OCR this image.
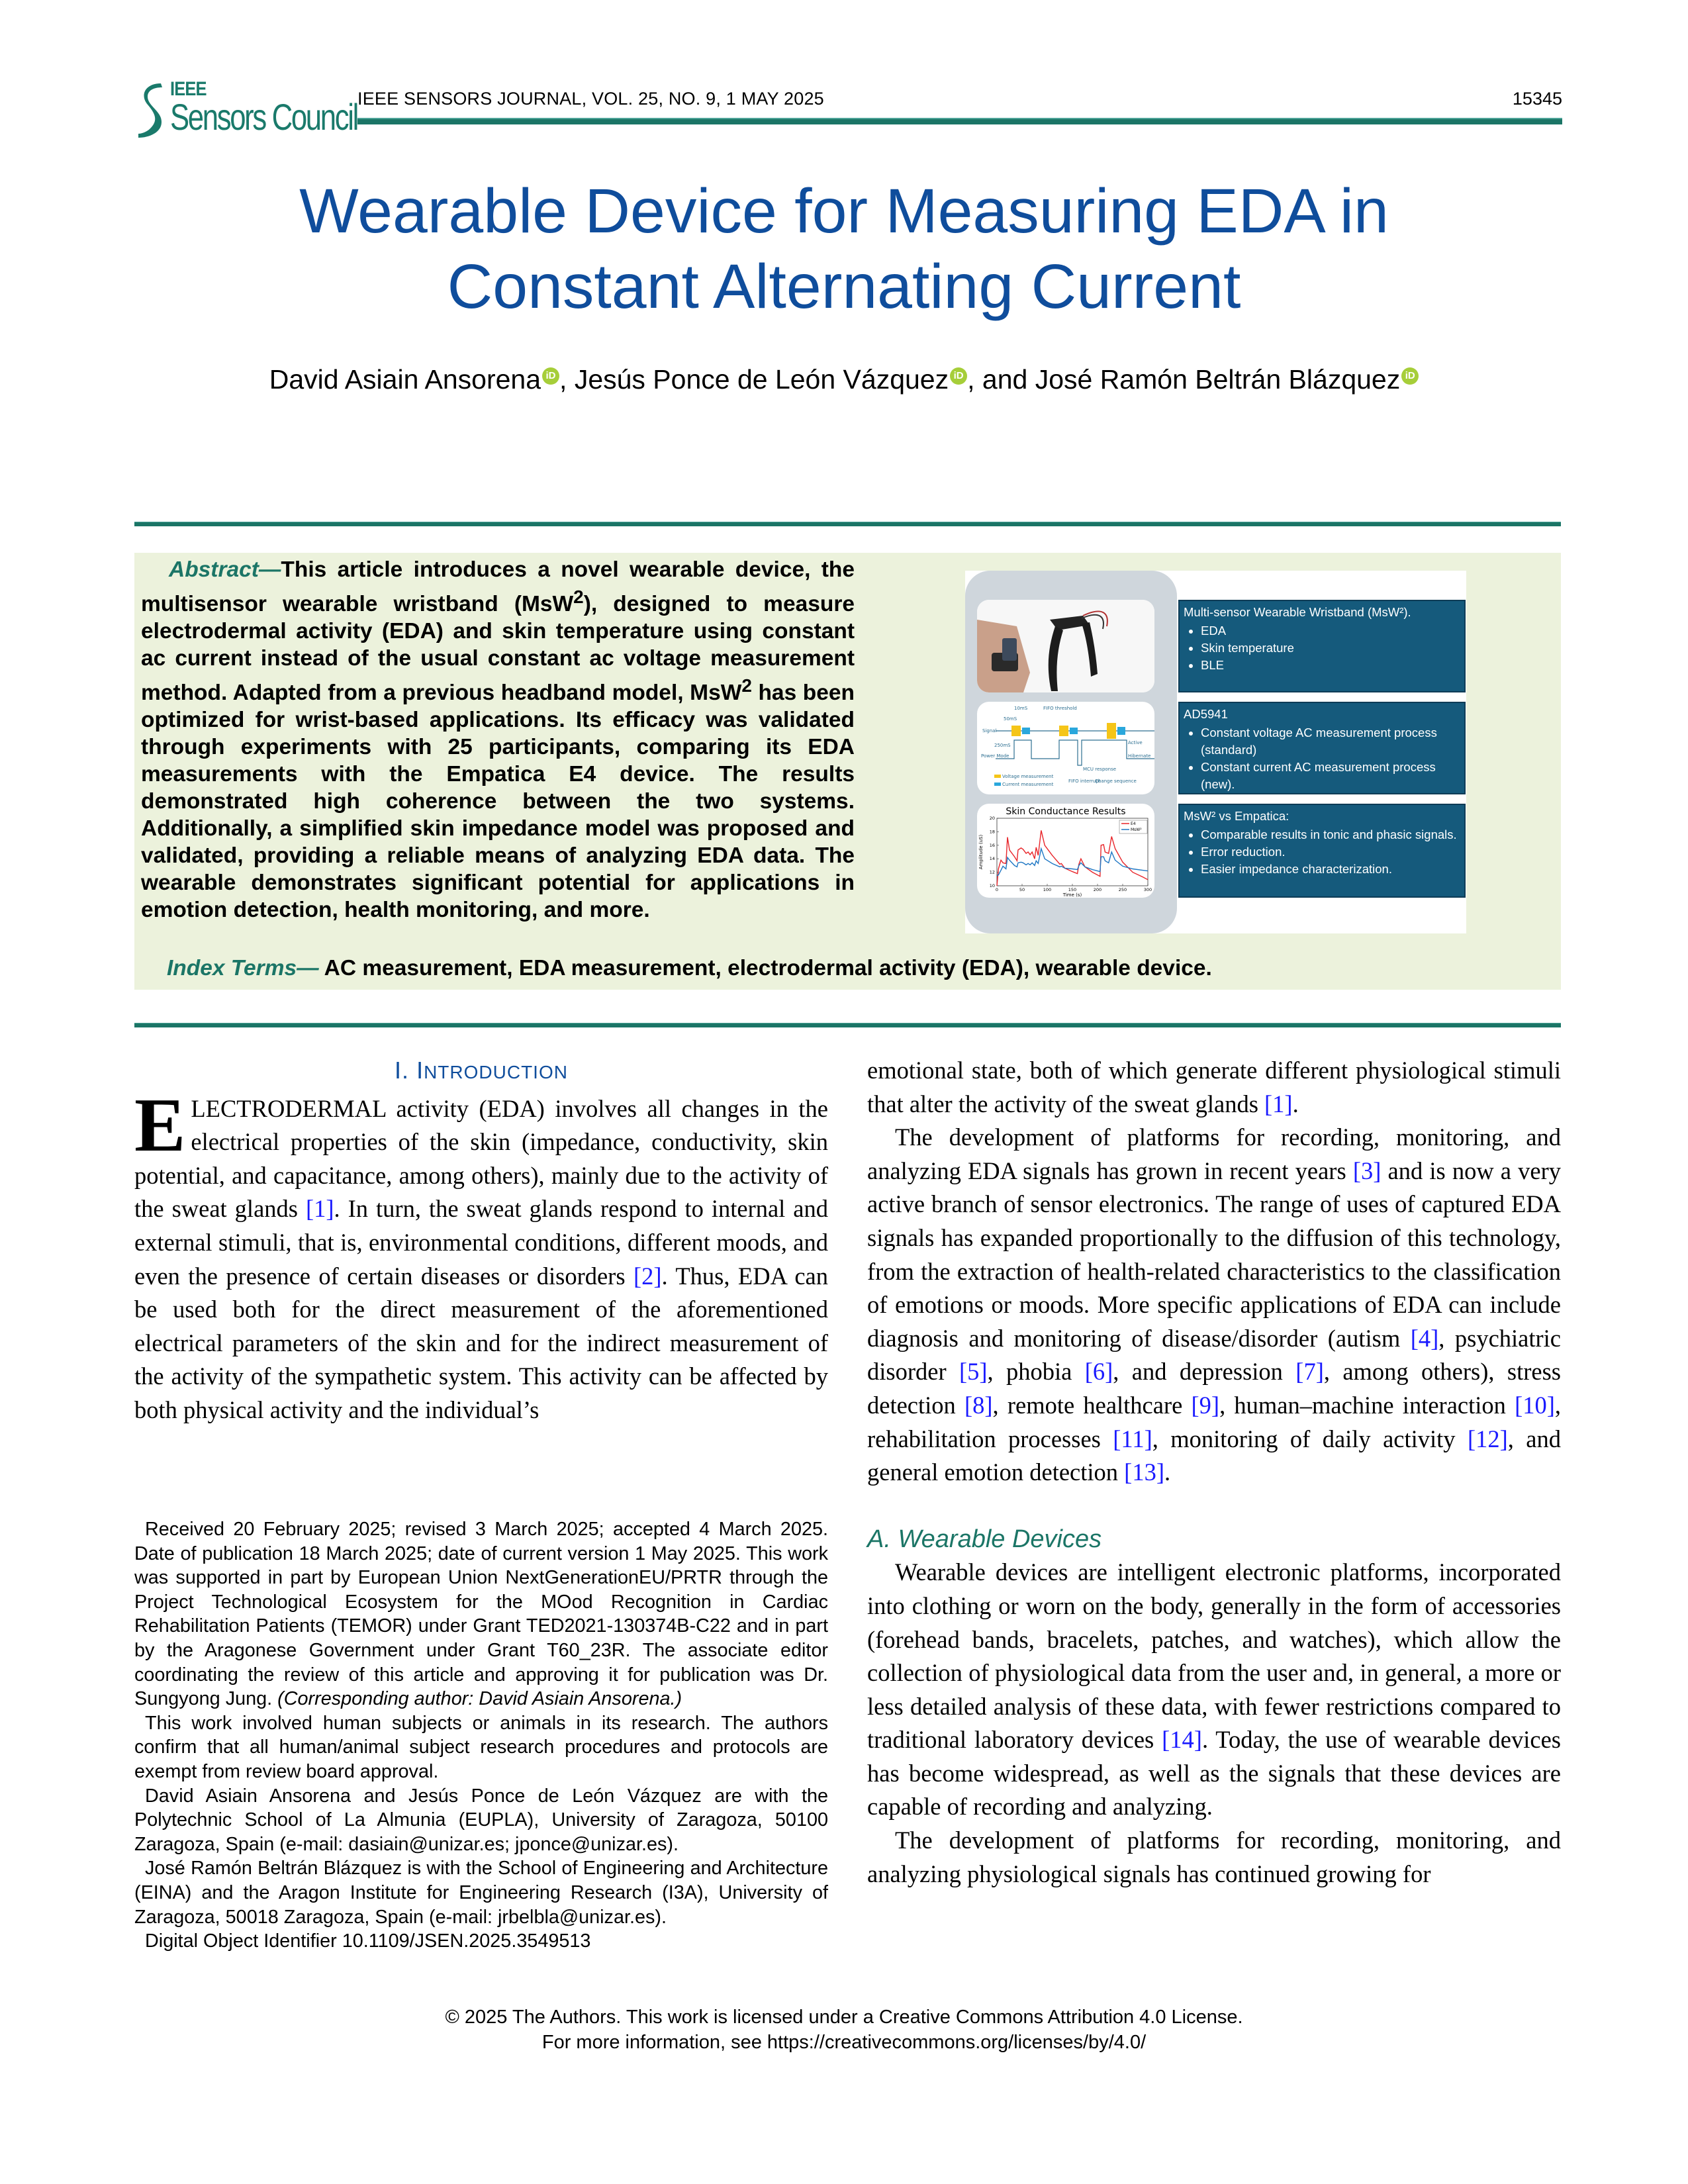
IEEE
Sensors Council IEEE SENSORS JOURNAL, VOL. 25, NO. 9, 1 MAY 2025	15345
Wearable Device for Measuring EDA in
Constant Alternating Current
David Asiain Ansorena iD , Jesús Ponce de León Vázquez iD , and José Ramón Beltrán Blázquez iD
Abstract—This article introduces a novel wearable device, the multisensor wearable wristband (MsW$^2$), designed to measure electrodermal activity (EDA) and skin temperature using constant ac current instead of the usual constant ac voltage measurement method. Adapted from a previous headband model, MsW$^2$ has been optimized for wrist-based applications. Its efficacy was validated through experiments with 25 participants, comparing its EDA measurements with the Empatica E4 device. The results demonstrated high coherence between the two systems. Additionally, a simplified skin impedance model was proposed and validated, providing a reliable means of analyzing EDA data. The wearable demonstrates significant potential for applications in emotion detection, health monitoring, and more.
Multi-sensor Wearable Wristband (MsW²).
• EDA
• Skin temperature
• BLE
10mS
50mS
FIFO threshold
Signal
250mS
Power Mode
Active
Hibernate
MCU response
FIFO interrupt
Change sequence
Voltage measurement
Current measurement
AD5941
• Constant voltage AC measurement process (standard)
• Constant current AC measurement process (new).
Skin Conductance Results
0	50	100	150	200	250	300
10
12
14
16
18
20
Time (s)
Amplitude (uS)
E4
MsW²
MsW² vs Empatica:
• Comparable results in tonic and phasic signals.
• Error reduction.
• Easier impedance characterization.
Index Terms— AC measurement, EDA measurement, electrodermal activity (EDA), wearable device.
I. INTRODUCTION

ELECTRODERMAL activity (EDA) involves all changes in the electrical properties of the skin (impedance, conductivity, skin potential, and capacitance, among others), mainly due to the activity of the sweat glands [1]. In turn, the sweat glands respond to internal and external stimuli, that is, environmental conditions, different moods, and even the presence of certain diseases or disorders [2]. Thus, EDA can be used both for the direct measurement of the aforementioned electrical parameters of the skin and for the indirect measurement of the activity of the sympathetic system. This activity can be affected by both physical activity and the individual’s

Received 20 February 2025; revised 3 March 2025; accepted 4 March 2025. Date of publication 18 March 2025; date of current version 1 May 2025. This work was supported in part by European Union NextGenerationEU/PRTR through the Project Technological Ecosystem for the MOod Recognition in Cardiac Rehabilitation Patients (TEMOR) under Grant TED2021-130374B-C22 and in part by the Aragonese Government under Grant T60_23R. The associate editor coordinating the review of this article and approving it for publication was Dr. Sungyong Jung. (Corresponding author: David Asiain Ansorena.)

This work involved human subjects or animals in its research. The authors confirm that all human/animal subject research procedures and protocols are exempt from review board approval.

David Asiain Ansorena and Jesús Ponce de León Vázquez are with the Polytechnic School of La Almunia (EUPLA), University of Zaragoza, 50100 Zaragoza, Spain (e-mail: dasiain@unizar.es; jponce@unizar.es).

José Ramón Beltrán Blázquez is with the School of Engineering and Architecture (EINA) and the Aragon Institute for Engineering Research (I3A), University of Zaragoza, 50018 Zaragoza, Spain (e-mail: jrbelbla@unizar.es).

Digital Object Identifier 10.1109/JSEN.2025.3549513

emotional state, both of which generate different physiological stimuli that alter the activity of the sweat glands [1].

The development of platforms for recording, monitoring, and analyzing EDA signals has grown in recent years [3] and is now a very active branch of sensor electronics. The range of uses of captured EDA signals has expanded proportionally to the diffusion of this technology, from the extraction of health-related characteristics to the classification of emotions or moods. More specific applications of EDA can include diagnosis and monitoring of disease/disorder (autism [4], psychiatric disorder [5], phobia [6], and depression [7], among others), stress detection [8], remote healthcare [9], human–machine interaction [10], rehabilitation processes [11], monitoring of daily activity [12], and general emotion detection [13].

A. Wearable Devices

Wearable devices are intelligent electronic platforms, incorporated into clothing or worn on the body, generally in the form of accessories (forehead bands, bracelets, patches, and watches), which allow the collection of physiological data from the user and, in general, a more or less detailed analysis of these data, with fewer restrictions compared to traditional laboratory devices [14]. Today, the use of wearable devices has become widespread, as well as the signals that these devices are capable of recording and analyzing.

The development of platforms for recording, monitoring, and analyzing physiological signals has continued growing for

© 2025 The Authors. This work is licensed under a Creative Commons Attribution 4.0 License.
For more information, see https://creativecommons.org/licenses/by/4.0/
